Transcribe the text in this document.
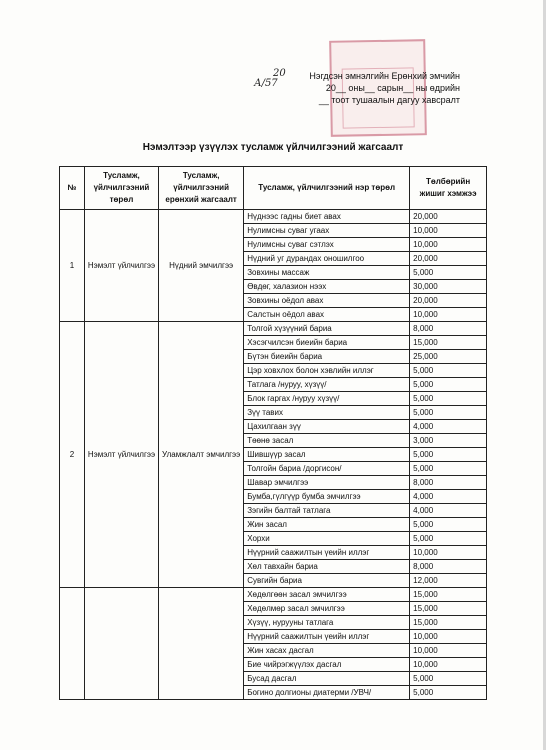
Нэгдсэн эмнэлгийн Ерөнхий эмчийн
20__ оны__ сарын__ ны өдрийн
__ тоот тушаалын дагуу хавсралт
А/57
20
Нэмэлтээр үзүүлэх тусламж үйлчилгээний жагсаалт
№	Тусламж, үйлчилгээний төрөл	Тусламж, үйлчилгээний ерөнхий жагсаалт	Тусламж, үйлчилгээний нэр төрөл	Төлбөрийн жишиг хэмжээ
1	Нэмэлт үйлчилгээ	Нүдний эмчилгээ	Нүднээс гадны биет авах	20,000
			Нулимсны суваг угаах	10,000
			Нулимсны суваг сэтлэх	10,000
			Нүдний уг дурандах оношилгоо	20,000
			Зовхины массаж	5,000
			Өвдөг, халазион нээх	30,000
			Зовхины оёдол авах	20,000
			Салстын оёдол авах	10,000
2	Нэмэлт үйлчилгээ	Уламжлалт эмчилгээ	Толгой хүзүүний бариа	8,000
			Хэсэгчилсэн биеийн бариа	15,000
			Бүтэн биеийн бариа	25,000
			Цэр ховхлох болон хэвлийн иллэг	5,000
			Татлага /нуруу, хүзүү/	5,000
			Блок гаргах /нуруу хүзүү/	5,000
			Зүү тавих	5,000
			Цахилгаан зүү	4,000
			Төөнө засал	3,000
			Шившүүр засал	5,000
			Толгойн бариа /доргисон/	5,000
			Шавар эмчилгээ	8,000
			Бумба,гүлгүүр бумба эмчилгээ	4,000
			Зэгийн балтай татлага	4,000
			Жин засал	5,000
			Хорхи	5,000
			Нүүрний саажилтын үеийн иллэг	10,000
			Хөл тавхайн бариа	8,000
			Сувгийн бариа	12,000
			Хөдөлгөөн засал эмчилгээ	15,000
			Хөдөлмөр засал эмчилгээ	15,000
			Хүзүү, нурууны татлага	15,000
			Нүүрний саажилтын үеийн иллэг	10,000
			Жин хасах дасгал	10,000
			Бие чийрэгжүүлэх дасгал	10,000
			Бусад дасгал	5,000
			Богино долгионы диатерми /УВЧ/	5,000
